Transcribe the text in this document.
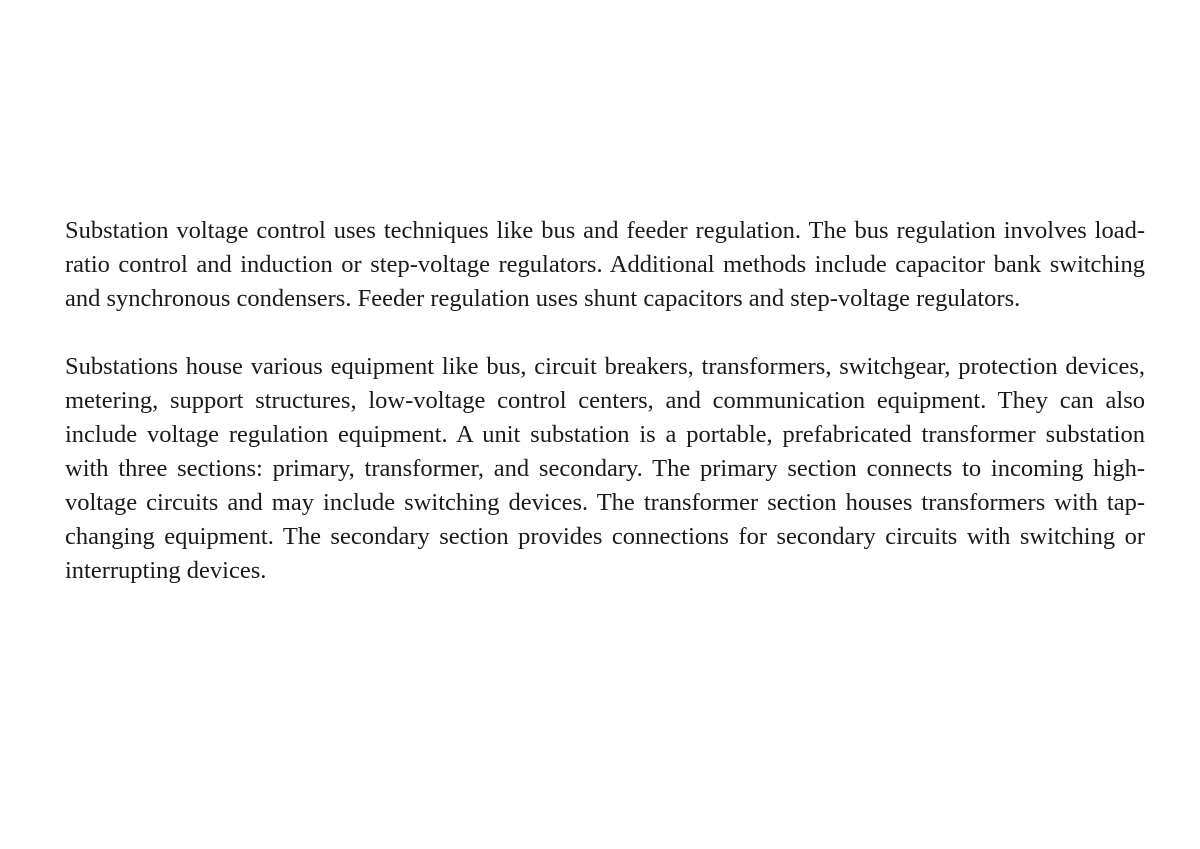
Substation voltage control uses techniques like bus and feeder regulation. The bus regulation involves load-ratio control and induction or step-voltage regulators. Additional methods include capacitor bank switching and synchronous condensers. Feeder regulation uses shunt capacitors and step-voltage regulators.

Substations house various equipment like bus, circuit breakers, transformers, switchgear, protection devices, metering, support structures, low-voltage control centers, and communication equipment. They can also include voltage regulation equipment. A unit substation is a portable, prefabricated transformer substation with three sections: primary, transformer, and secondary. The primary section connects to incoming high-voltage circuits and may include switching devices. The transformer section houses transformers with tap-changing equipment. The secondary section provides connections for secondary circuits with switching or interrupting devices.
